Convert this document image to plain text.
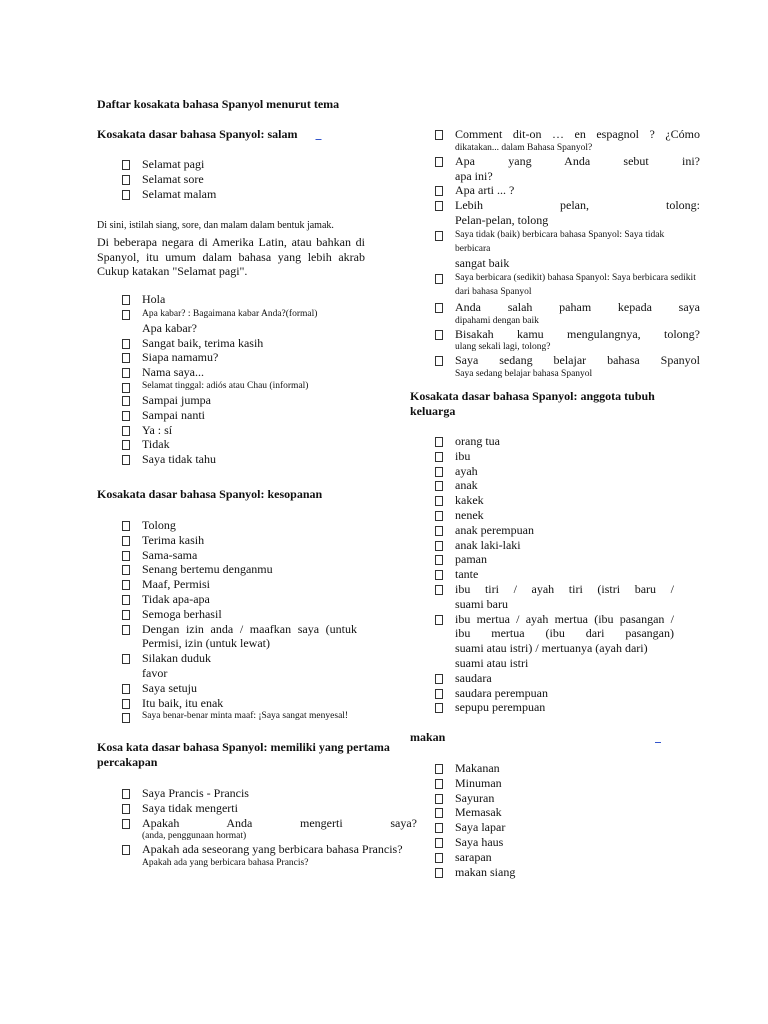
Daftar kosakata bahasa Spanyol menurut tema
Kosakata dasar bahasa Spanyol: salam
Selamat pagi
Selamat sore
Selamat malam

Di sini, istilah siang, sore, dan malam dalam bentuk jamak.
Di beberapa negara di Amerika Latin, atau bahkan di Spanyol, itu umum dalam bahasa yang lebih akrab Cukup katakan "Selamat pagi".

Hola
Apa kabar? : Bagaimana kabar Anda?(formal)
Apa kabar?
Sangat baik, terima kasih
Siapa namamu?
Nama saya...
Selamat tinggal: adiós atau Chau (informal)
Sampai jumpa
Sampai nanti
Ya : sí
Tidak
Saya tidak tahu
Kosakata dasar bahasa Spanyol: kesopanan
Tolong
Terima kasih
Sama-sama
Senang bertemu denganmu
Maaf, Permisi
Tidak apa-apa
Semoga berhasil
Dengan izin anda / maafkan saya (untuk
Permisi, izin (untuk lewat)
Silakan duduk
favor
Saya setuju
Itu baik, itu enak
Saya benar-benar minta maaf: ¡Saya sangat menyesal!
Kosa kata dasar bahasa Spanyol: memiliki yang pertama percakapan
Saya Prancis - Prancis
Saya tidak mengerti
Apakah Anda mengerti saya?
(anda, penggunaan hormat)
Apakah ada seseorang yang berbicara bahasa Prancis?
Apakah ada yang berbicara bahasa Prancis?
Comment dit-on … en espagnol ? ¿Cómo
dikatakan... dalam Bahasa Spanyol?
Apa yang Anda sebut ini?
apa ini?
Apa arti ... ?
Lebih pelan, tolong:
Pelan-pelan, tolong
Saya tidak (baik) berbicara bahasa Spanyol: Saya tidak berbicara
sangat baik
Saya berbicara (sedikit) bahasa Spanyol: Saya berbicara sedikit
dari bahasa Spanyol
Anda salah paham kepada saya
dipahami dengan baik
Bisakah kamu mengulangnya, tolong?
ulang sekali lagi, tolong?
Saya sedang belajar bahasa Spanyol
Saya sedang belajar bahasa Spanyol
Kosakata dasar bahasa Spanyol: anggota tubuh keluarga
orang tua
ibu
ayah
anak
kakek
nenek
anak perempuan
anak laki-laki
paman
tante
ibu tiri / ayah tiri (istri baru /
suami baru
ibu mertua / ayah mertua (ibu pasangan /
ibu mertua (ibu dari pasangan)
suami atau istri) / mertuanya (ayah dari)
suami atau istri
saudara
saudara perempuan
sepupu perempuan
makan

Makanan
Minuman
Sayuran
Memasak
Saya lapar
Saya haus
sarapan
makan siang
